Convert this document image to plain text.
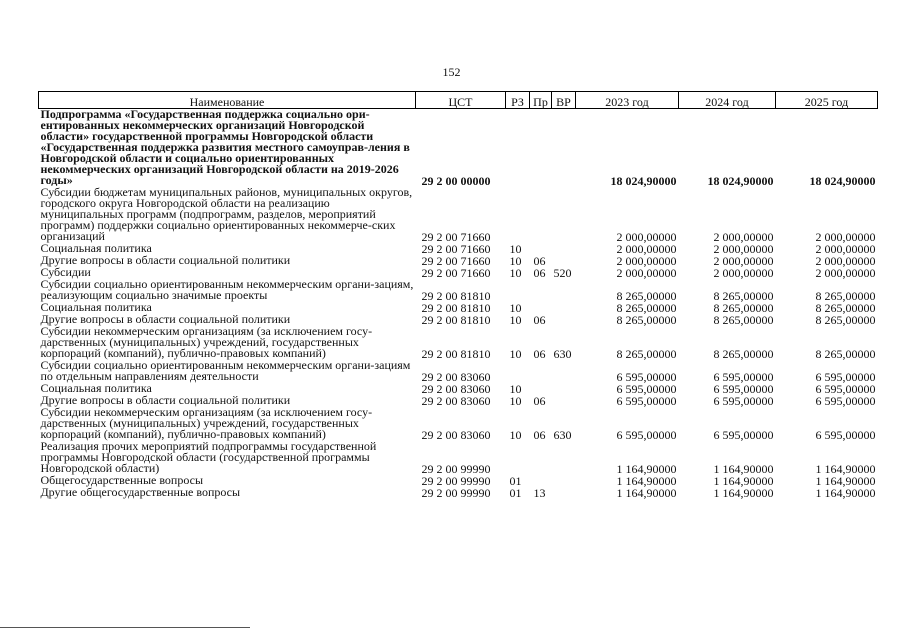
152
Наименование	ЦСТ	РЗ	Пр	ВР	2023 год	2024 год	2025 год
Подпрограмма «Государственная поддержка социально ори-ентированных некоммерческих организаций Новгородской области» государственной программы Новгородской области «Государственная поддержка развития местного самоуправ-ления в Новгородской области и социально ориентированных некоммерческих организаций Новгородской области на 2019-2026 годы»	29 2 00 00000				18 024,90000	18 024,90000	18 024,90000
Субсидии бюджетам муниципальных районов, муниципальных округов, городского округа Новгородской области на реализацию муниципальных программ (подпрограмм, разделов, мероприятий программ) поддержки социально ориентированных некоммерче-ских организаций	29 2 00 71660				2 000,00000	2 000,00000	2 000,00000
Социальная политика	29 2 00 71660	10			2 000,00000	2 000,00000	2 000,00000
Другие вопросы в области социальной политики	29 2 00 71660	10	06		2 000,00000	2 000,00000	2 000,00000
Субсидии	29 2 00 71660	10	06	520	2 000,00000	2 000,00000	2 000,00000
Субсидии социально ориентированным некоммерческим органи-зациям, реализующим социально значимые проекты	29 2 00 81810				8 265,00000	8 265,00000	8 265,00000
Социальная политика	29 2 00 81810	10			8 265,00000	8 265,00000	8 265,00000
Другие вопросы в области социальной политики	29 2 00 81810	10	06		8 265,00000	8 265,00000	8 265,00000
Субсидии некоммерческим организациям (за исключением госу-дарственных (муниципальных) учреждений, государственных корпораций (компаний), публично-правовых компаний)	29 2 00 81810	10	06	630	8 265,00000	8 265,00000	8 265,00000
Субсидии социально ориентированным некоммерческим органи-зациям по отдельным направлениям деятельности	29 2 00 83060				6 595,00000	6 595,00000	6 595,00000
Социальная политика	29 2 00 83060	10			6 595,00000	6 595,00000	6 595,00000
Другие вопросы в области социальной политики	29 2 00 83060	10	06		6 595,00000	6 595,00000	6 595,00000
Субсидии некоммерческим организациям (за исключением госу-дарственных (муниципальных) учреждений, государственных корпораций (компаний), публично-правовых компаний)	29 2 00 83060	10	06	630	6 595,00000	6 595,00000	6 595,00000
Реализация прочих мероприятий подпрограммы государственной программы Новгородской области (государственной программы Новгородской области)	29 2 00 99990				1 164,90000	1 164,90000	1 164,90000
Общегосударственные вопросы	29 2 00 99990	01			1 164,90000	1 164,90000	1 164,90000
Другие общегосударственные вопросы	29 2 00 99990	01	13		1 164,90000	1 164,90000	1 164,90000
